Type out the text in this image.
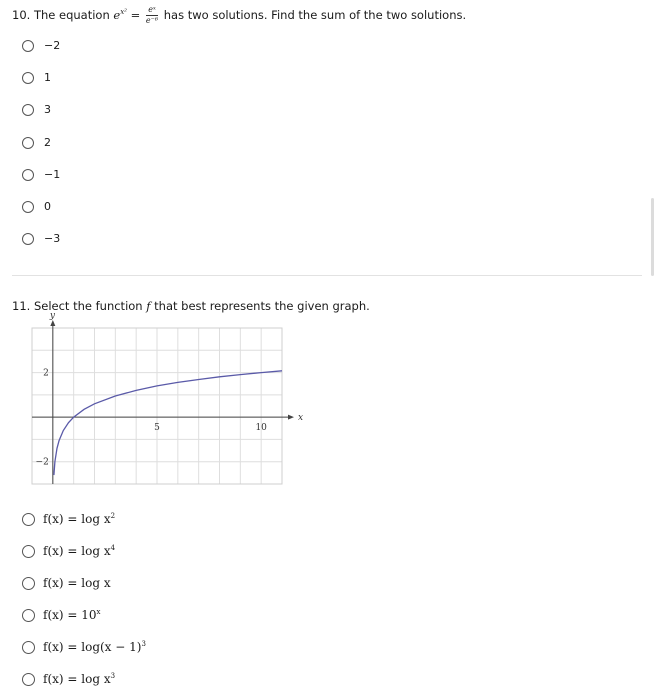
10. The equation $e^{x^2} = \frac{\text{eˣ}}{\text{e⁻⁶}}$ has two solutions. Find the sum of the two solutions.
−2
1
3
2
−1
0
−3
11. Select the function f that best represents the given graph.
x
y
5	10
2
−2
$f(x) = \log x^2$
$f(x) = \log x^4$
f(x) = log x
$f(x) = 10^x$
$f(x) = \log(x - 1)^3$
$f(x) = \log x^3$
